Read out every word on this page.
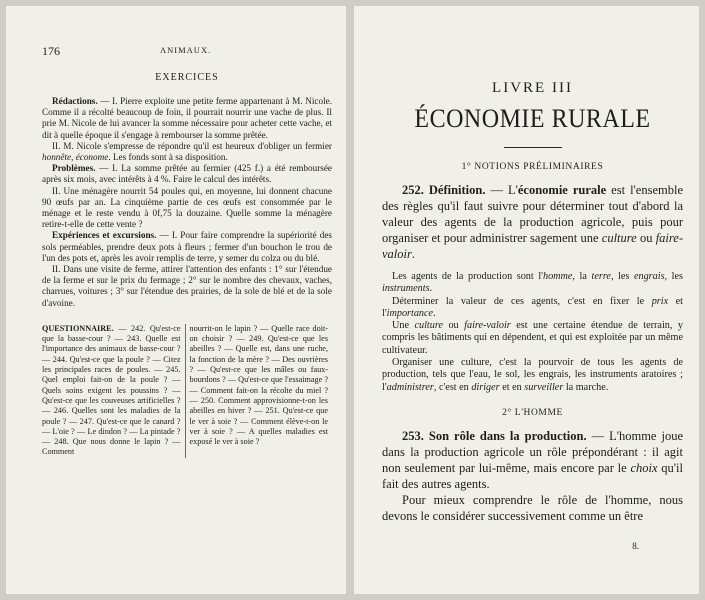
176	ANIMAUX.
EXERCICES

Rédactions. — I. Pierre exploite une petite ferme appartenant à M. Nicole. Comme il a récolté beaucoup de foin, il pourrait nourrir une vache de plus. Il prie M. Nicole de lui avancer la somme nécessaire pour acheter cette vache, et dit à quelle époque il s'engage à rembourser la somme prêtée.

II. M. Nicole s'empresse de répondre qu'il est heureux d'obliger un fermier honnête, économe. Les fonds sont à sa disposition.

Problèmes. — I. La somme prêtée au fermier (425 f.) a été remboursée après six mois, avec intérêts à 4 %. Faire le calcul des intérêts.

II. Une ménagère nourrit 54 poules qui, en moyenne, lui donnent chacune 90 œufs par an. La cinquième partie de ces œufs est consommée par le ménage et le reste vendu à 0f,75 la douzaine. Quelle somme la ménagère retire-t-elle de cette vente ?

Expériences et excursions. — I. Pour faire comprendre la supériorité des sols perméables, prendre deux pots à fleurs ; fermer d'un bouchon le trou de l'un des pots et, après les avoir remplis de terre, y semer du colza ou du blé.

II. Dans une visite de ferme, attirer l'attention des enfants : 1° sur l'étendue de la ferme et sur le prix du fermage ; 2° sur le nombre des chevaux, vaches, charrues, voitures ; 3° sur l'étendue des prairies, de la sole de blé et de la sole d'avoine.

QUESTIONNAIRE. — 242. Qu'est-ce que la basse-cour ? — 243. Quelle est l'importance des animaux de basse-cour ? — 244. Qu'est-ce que la poule ? — Citez les principales races de poules. — 245. Quel emploi fait-on de la poule ? — Quels soins exigent les poussins ? — Qu'est-ce que les couveuses artificielles ? — 246. Quelles sont les maladies de la poule ? — 247. Qu'est-ce que le canard ? — L'oie ? — Le dindon ? — La pintade ? — 248. Que nous donne le lapin ? — Comment
nourrit-on le lapin ? — Quelle race doit-on choisir ? — 249. Qu'est-ce que les abeilles ? — Quelle est, dans une ruche, la fonction de la mère ? — Des ouvrières ? — Qu'est-ce que les mâles ou faux-bourdons ? — Qu'est-ce que l'essaimage ? — Comment fait-on la récolte du miel ? — 250. Comment approvisionne-t-on les abeilles en hiver ? — 251. Qu'est-ce que le ver à soie ? — Comment élève-t-on le ver à soie ? — A quelles maladies est exposé le ver à soie ?
LIVRE III
ÉCONOMIE RURALE
1° NOTIONS PRÉLIMINAIRES

252. Définition. — L'économie rurale est l'ensemble des règles qu'il faut suivre pour déterminer tout d'abord la valeur des agents de la production agricole, puis pour organiser et pour administrer sagement une culture ou faire-valoir.

Les agents de la production sont l'homme, la terre, les engrais, les instruments.

Déterminer la valeur de ces agents, c'est en fixer le prix et l'importance.

Une culture ou faire-valoir est une certaine étendue de terrain, y compris les bâtiments qui en dépendent, et qui est exploitée par un même cultivateur.

Organiser une culture, c'est la pourvoir de tous les agents de production, tels que l'eau, le sol, les engrais, les instruments aratoires ; l'administrer, c'est en diriger et en surveiller la marche.

2° L'HOMME

253. Son rôle dans la production. — L'homme joue dans la production agricole un rôle prépondérant : il agit non seulement par lui-même, mais encore par le choix qu'il fait des autres agents.

Pour mieux comprendre le rôle de l'homme, nous devons le considérer successivement comme un être

8.
